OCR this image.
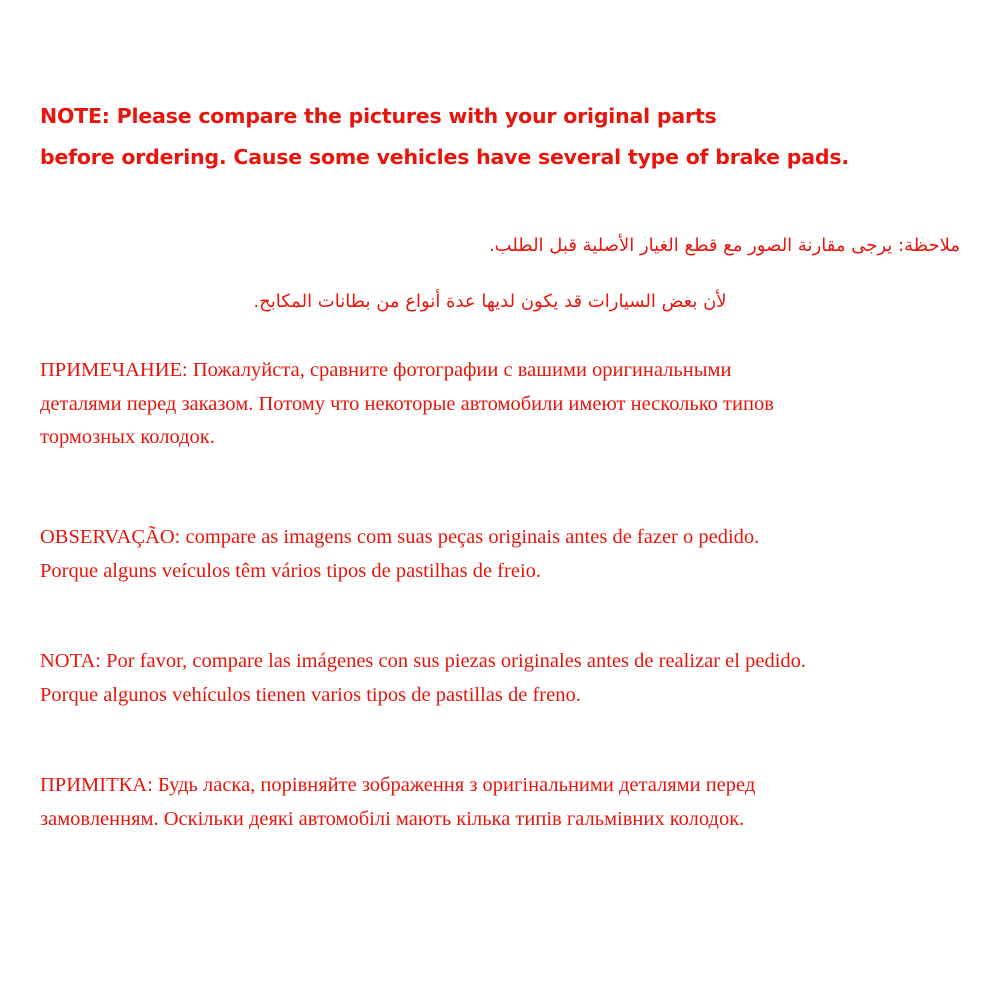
NOTE: Please compare the pictures with your original parts
before ordering. Cause some vehicles have several type of brake pads.
ملاحظة: يرجى مقارنة الصور مع قطع الغيار الأصلية قبل الطلب.
لأن بعض السيارات قد يكون لديها عدة أنواع من بطانات المكابح.
ПРИМЕЧАНИЕ: Пожалуйста, сравните фотографии с вашими оригинальными
деталями перед заказом. Потому что некоторые автомобили имеют несколько типов
тормозных колодок.
OBSERVAÇÃO: compare as imagens com suas peças originais antes de fazer o pedido.
Porque alguns veículos têm vários tipos de pastilhas de freio.
NOTA: Por favor, compare las imágenes con sus piezas originales antes de realizar el pedido.
Porque algunos vehículos tienen varios tipos de pastillas de freno.
ПРИМІТКА: Будь ласка, порівняйте зображення з оригінальними деталями перед
замовленням. Оскільки деякі автомобілі мають кілька типів гальмівних колодок.
